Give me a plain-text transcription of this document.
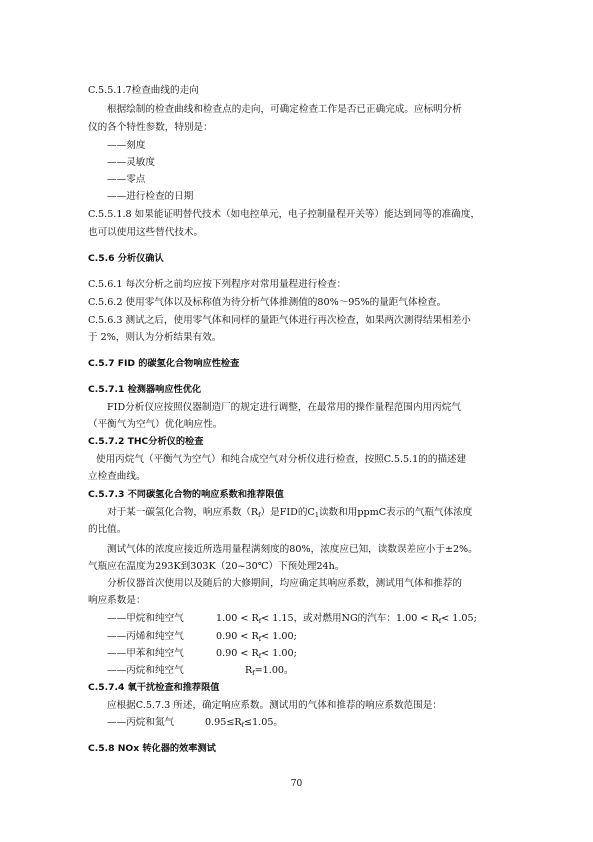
C.5.5.1.7检查曲线的走向
根据绘制的检查曲线和检查点的走向，可确定检查工作是否已正确完成。应标明分析
仪的各个特性参数，特别是：
——刻度
——灵敏度
——零点
——进行检查的日期
C.5.5.1.8 如果能证明替代技术（如电控单元，电子控制量程开关等）能达到同等的准确度，
也可以使用这些替代技术。
C.5.6 分析仪确认
C.5.6.1 每次分析之前均应按下列程序对常用量程进行检查：
C.5.6.2 使用零气体以及标称值为待分析气体推测值的80%～95%的量距气体检查。
C.5.6.3 测试之后，使用零气体和同样的量距气体进行再次检查，如果两次测得结果相差小
于 2%，则认为分析结果有效。
C.5.7 FID 的碳氢化合物响应性检查
C.5.7.1 检测器响应性优化
FID分析仪应按照仪器制造厂的规定进行调整，在最常用的操作量程范围内用丙烷气
（平衡气为空气）优化响应性。
C.5.7.2 THC分析仪的检查
使用丙烷气（平衡气为空气）和纯合成空气对分析仪进行检查，按照C.5.5.1的的描述建
立检查曲线。
C.5.7.3 不同碳氢化合物的响应系数和推荐限值
对于某一碳氢化合物，响应系数$(R_f)$是FID的$C_1$读数和用ppmC表示的气瓶气体浓度
的比值。
测试气体的浓度应接近所选用量程满刻度的80%，浓度应已知，读数误差应小于±2%。
气瓶应在温度为293K到303K（20~30℃）下预处理24h。
分析仪器首次使用以及随后的大修期间，均应确定其响应系数，测试用气体和推荐的
响应系数是：
——甲烷和纯空气	$1.00 < R_f< 1.15$，或对燃用NG的汽车：$1.00 < R_f< 1.05$;
——丙烯和纯空气	$0.90 < R_f< 1.00$;
——甲苯和纯空气	$0.90 < R_f< 1.00$;
——丙烷和纯空气	$R_f=1.00$。
C.5.7.4 氧干扰检查和推荐限值
应根据C.5.7.3 所述，确定响应系数。测试用的气体和推荐的响应系数范围是：
——丙烷和氮气	$0.95\le R_f\le 1.05$。
C.5.8 NOx 转化器的效率测试
70
